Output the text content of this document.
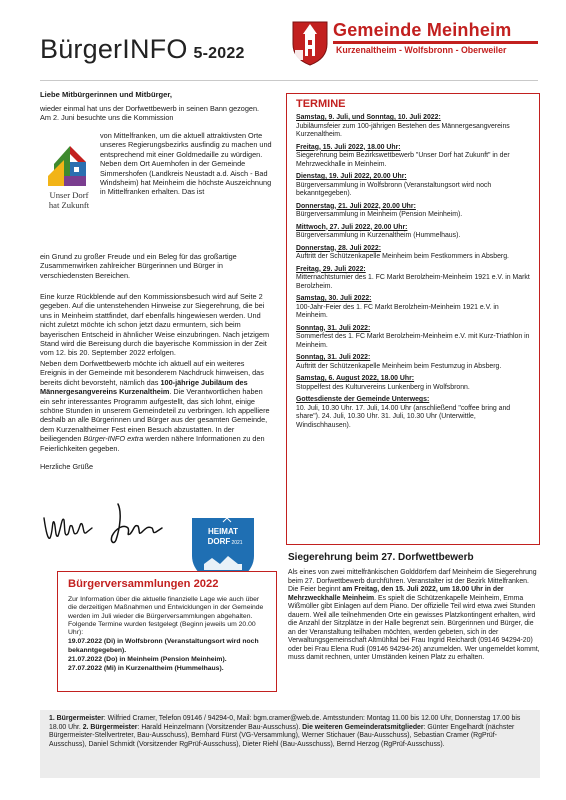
BürgerINFO 5-2022
Gemeinde Meinheim
Kurzenaltheim - Wolfsbronn - Oberweiler
Liebe Mitbürgerinnen und Mitbürger,
wieder einmal hat uns der Dorfwettbewerb in seinen Bann gezogen. Am 2. Juni besuchte uns die Kommission
Unser Dorf
hat Zukunft
von Mittelfranken, um die aktuell attraktivsten Orte unseres Regierungsbezirks ausfindig zu machen und entsprechend mit einer Goldmedaille zu würdigen. Neben dem Ort Auernhofen in der Gemeinde Simmershofen (Landkreis Neustadt a.d. Aisch - Bad Windsheim) hat Meinheim die höchste Auszeichnung in Mittelfranken erhalten. Das ist
ein Grund zu großer Freude und ein Beleg für das großartige Zusammenwirken zahlreicher Bürgerinnen und Bürger in verschiedensten Bereichen.
Eine kurze Rückblende auf den Kommissionsbesuch wird auf Seite 2 gegeben. Auf die untenstehenden Hinweise zur Siegerehrung, die bei uns in Meinheim stattfindet, darf ebenfalls hingewiesen werden. Und nicht zuletzt möchte ich schon jetzt dazu ermuntern, sich beim bayerischen Entscheid in ähnlicher Weise einzubringen. Nach jetzigem Stand wird die Bereisung durch die bayerische Kommission in der Zeit vom 12. bis 20. September 2022 erfolgen.
Neben dem Dorfwettbewerb möchte ich aktuell auf ein weiteres Ereignis in der Gemeinde mit besonderem Nachdruck hinweisen, das bereits dicht bevorsteht, nämlich das 100-jährige Jubiläum des Männergesangvereins Kurzenaltheim. Die Verantwortlichen haben ein sehr interessantes Programm aufgestellt, das sich lohnt, einige schöne Stunden in unserem Gemeindeteil zu verbringen. Ich appelliere deshalb an alle Bürgerinnen und Bürger aus der gesamten Gemeinde, dem Kurzenaltheimer Fest einen Besuch abzustatten. In der beiliegenden Bürger-INFO extra werden nähere Informationen zu den Feierlichkeiten gegeben.
Herzliche Grüße
HEIMAT
DORF 2021
Bürgerversammlungen 2022
Zur Information über die aktuelle finanzielle Lage wie auch über die derzeitigen Maßnahmen und Entwicklungen in der Gemeinde werden im Juli wieder die Bürgerversammlungen abgehalten. Folgende Termine wurden festgelegt (Beginn jeweils um 20.00 Uhr):
19.07.2022 (Di) in Wolfsbronn (Veranstaltungsort wird noch bekanntgegeben).
21.07.2022 (Do) in Meinheim (Pension Meinheim).
27.07.2022 (Mi) in Kurzenaltheim (Hummelhaus).
TERMINE
Samstag, 9. Juli, und Sonntag, 10. Juli 2022:
Jubiläumsfeier zum 100-jährigen Bestehen des Männergesangvereins Kurzenaltheim.
Freitag, 15. Juli 2022, 18.00 Uhr:
Siegerehrung beim Bezirkswettbewerb "Unser Dorf hat Zukunft" in der Mehrzweckhalle in Meinheim.
Dienstag, 19. Juli 2022, 20.00 Uhr:
Bürgerversammlung in Wolfsbronn (Veranstaltungsort wird noch bekanntgegeben).
Donnerstag, 21. Juli 2022, 20.00 Uhr:
Bürgerversammlung in Meinheim (Pension Meinheim).
Mittwoch, 27. Juli 2022, 20.00 Uhr:
Bürgerversammlung in Kurzenaltheim (Hummelhaus).
Donnerstag, 28. Juli 2022:
Auftritt der Schützenkapelle Meinheim beim Festkommers in Absberg.
Freitag, 29. Juli 2022:
Mitternachtsturnier des 1. FC Markt Berolzheim-Meinheim 1921 e.V. in Markt Berolzheim.
Samstag, 30. Juli 2022:
100-Jahr-Feier des 1. FC Markt Berolzheim-Meinheim 1921 e.V. in Meinheim.
Sonntag, 31. Juli 2022:
Sommerfest des 1. FC Markt Berolzheim-Meinheim e.V. mit Kurz-Triathlon in Meinheim.
Sonntag, 31. Juli 2022:
Auftritt der Schützenkapelle Meinheim beim Festumzug in Absberg.
Samstag, 6. August 2022, 18.00 Uhr:
Stoppelfest des Kulturvereins Lunkenberg in Wolfsbronn.
Gottesdienste der Gemeinde Unterwegs:
10. Juli, 10.30 Uhr. 17. Juli, 14.00 Uhr (anschließend "coffee bring and share"). 24. Juli, 10.30 Uhr. 31. Juli, 10.30 Uhr (Unterwittle, Windischhausen).
Siegerehrung beim 27. Dorfwettbewerb

Als eines von zwei mittelfränkischen Golddörfern darf Meinheim die Siegerehrung beim 27. Dorfwettbewerb durchführen. Veranstalter ist der Bezirk Mittelfranken. Die Feier beginnt am Freitag, den 15. Juli 2022, um 18.00 Uhr in der Mehrzweckhalle Meinheim. Es spielt die Schützenkapelle Meinheim, Emma Wißmüller gibt Einlagen auf dem Piano. Der offizielle Teil wird etwa zwei Stunden dauern. Weil alle teilnehmenden Orte ein gewisses Platzkontingent erhalten, wird die Anzahl der Sitzplätze in der Halle begrenzt sein. Bürgerinnen und Bürger, die an der Veranstaltung teilhaben möchten, werden gebeten, sich in der Verwaltungsgemeinschaft Altmühltal bei Frau Ingrid Reichardt (09146 94294-20) oder bei Frau Elena Rudi (09146 94294-26) anzumelden. Wer ungemeldet kommt, muss damit rechnen, unter Umständen keinen Platz zu erhalten.

1. Bürgermeister: Wilfried Cramer, Telefon 09146 / 94294-0, Mail: bgm.cramer@web.de. Amtsstunden: Montag 11.00 bis 12.00 Uhr, Donnerstag 17.00 bis 18.00 Uhr. 2. Bürgermeister: Harald Heinzelmann (Vorsitzender Bau-Ausschuss). Die weiteren Gemeinderatsmitglieder: Günter Engelhardt (nächster Bürgermeister-Stellvertreter, Bau-Ausschuss), Bernhard Fürst (VG-Versammlung), Werner Stichauer (Bau-Ausschuss), Sebastian Cramer (RgPrüf-Ausschuss), Daniel Schmidt (Vorsitzender RgPrüf-Ausschuss), Dieter Riehl (Bau-Ausschuss), Bernd Herzog (RgPrüf-Ausschuss).
